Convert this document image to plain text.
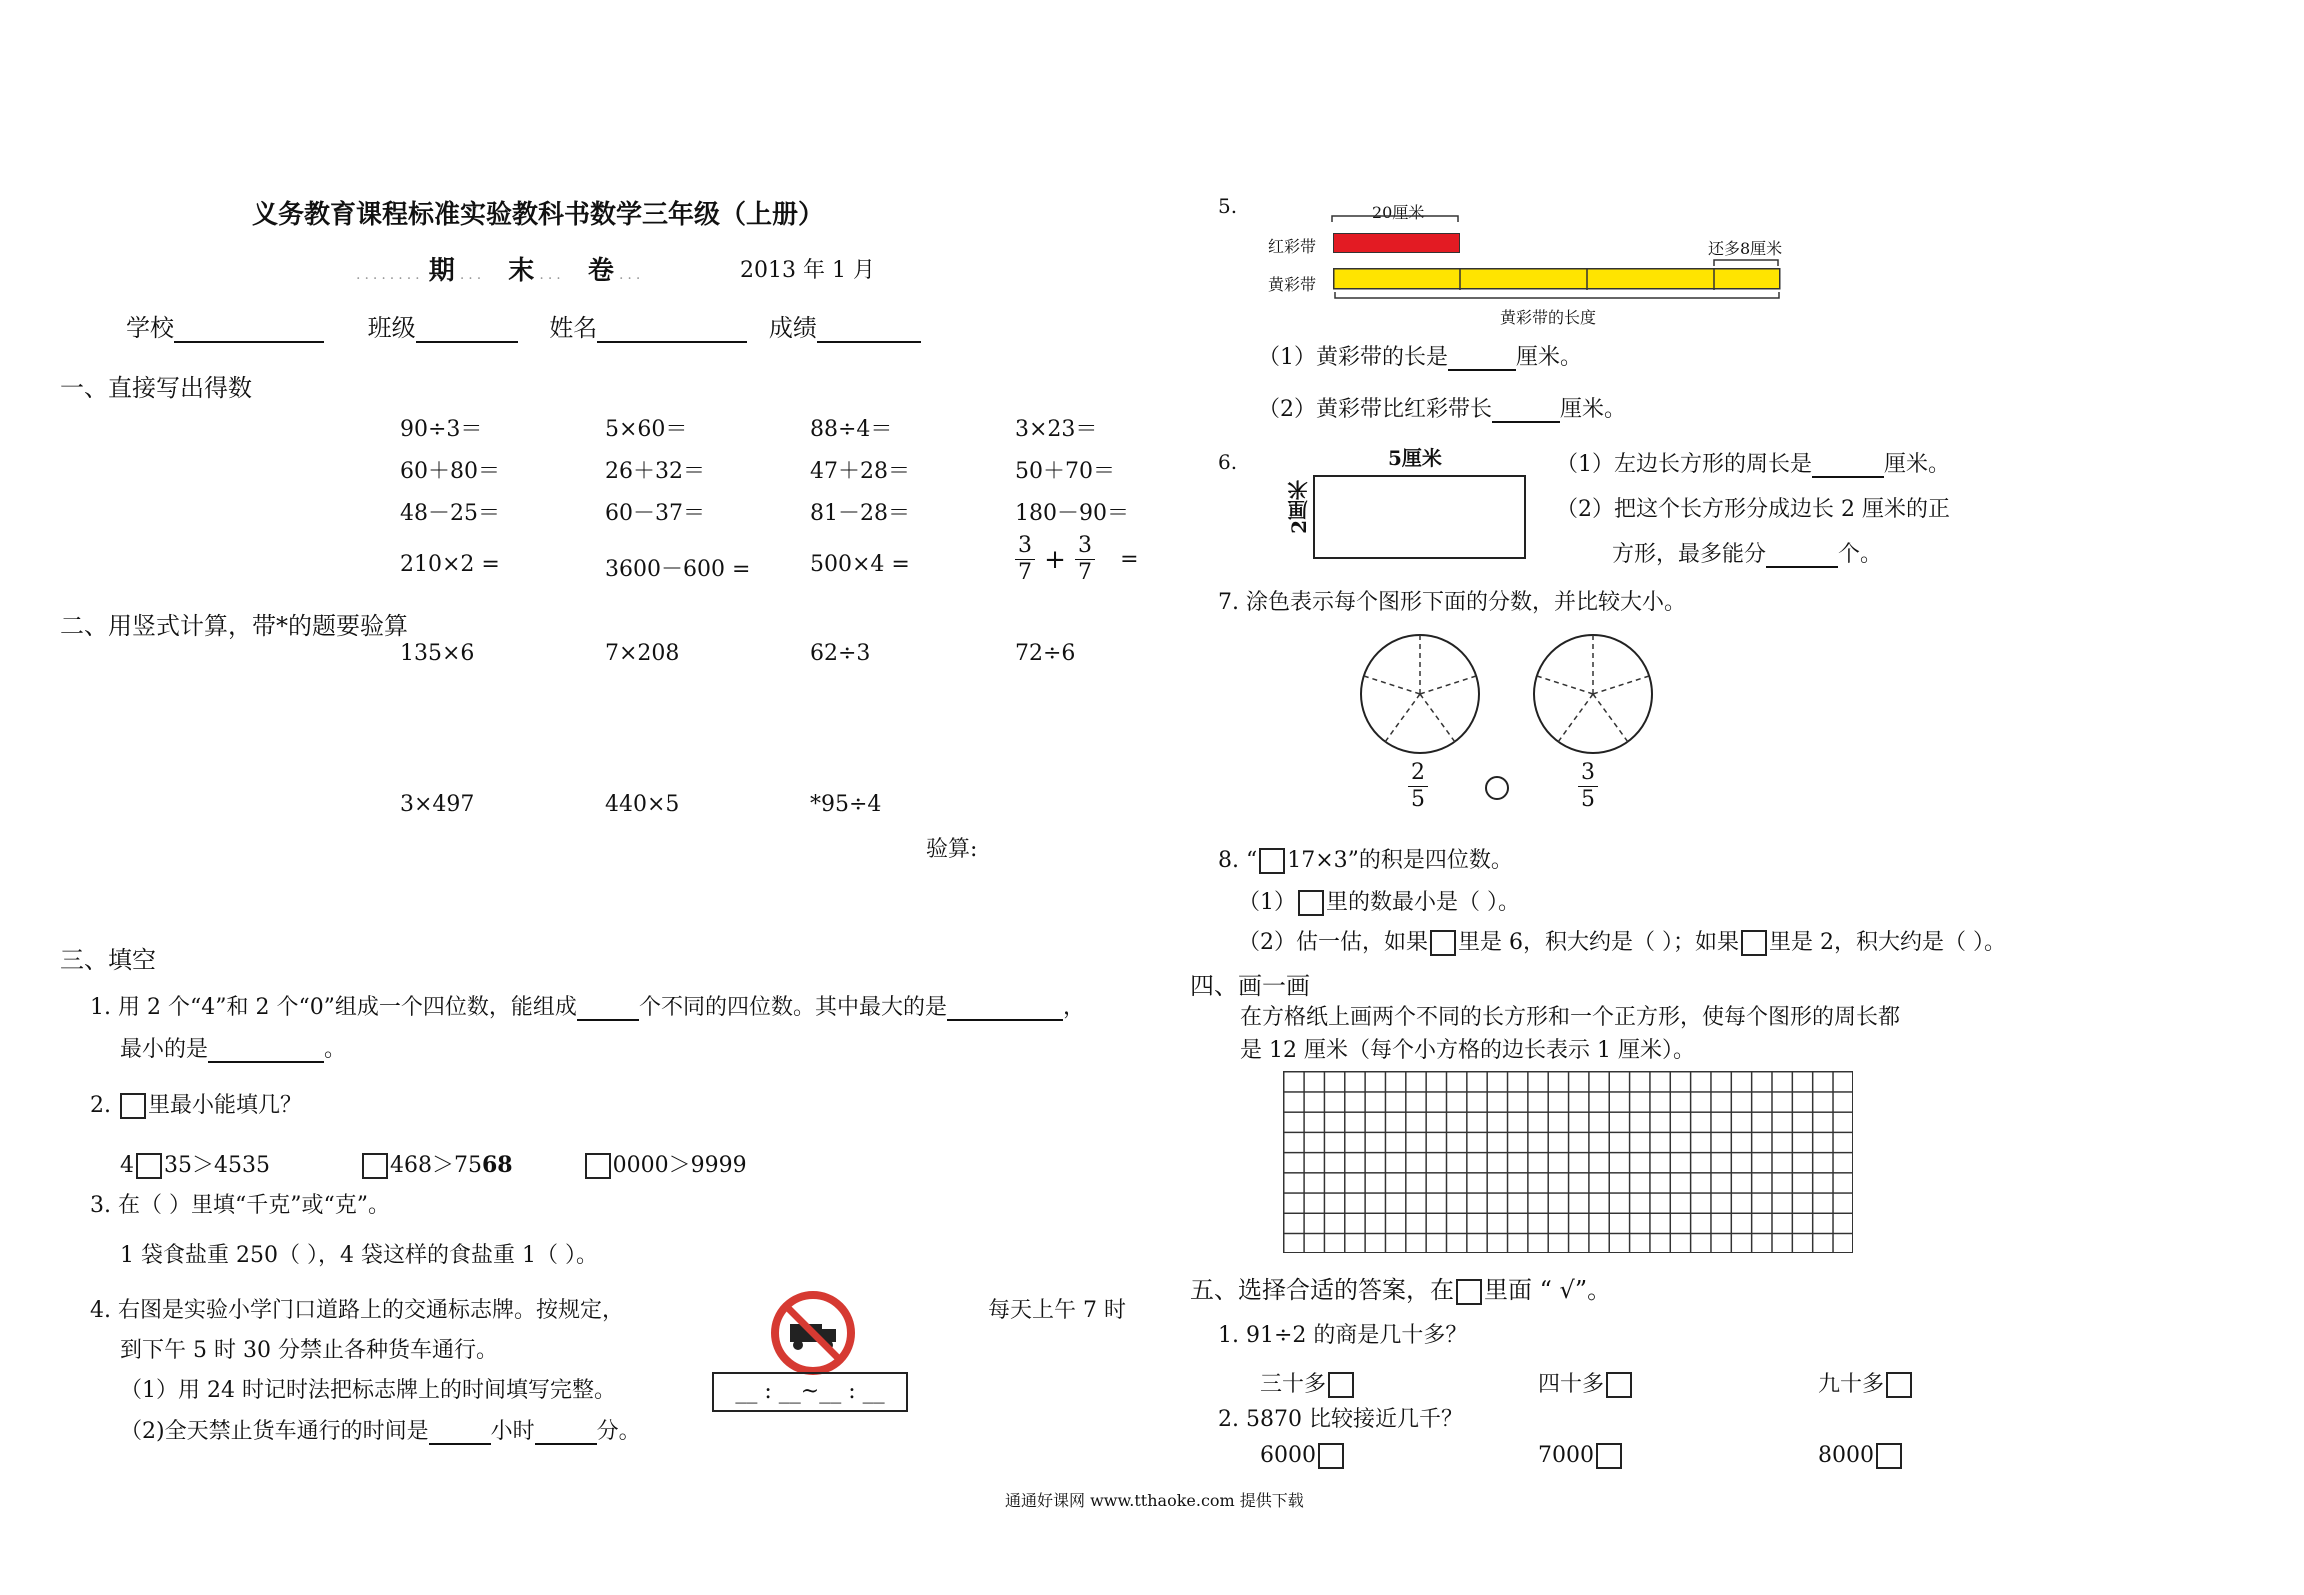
义务教育课程标准实验教科书数学三年级（上册）
........ 期 ... 末 ... 卷 ...	2013 年 1 月
学校	班级	姓名	成绩
一、直接写出得数
90÷3＝	5×60＝	88÷4＝	3×23＝
60＋80＝	26＋32＝	47＋28＝	50＋70＝
48－25＝	60－37＝	81－28＝	180－90＝
210×2 =	3600－600 =	500×4 =	$\frac{3}{7} + \frac{3}{7}$ =
二、用竖式计算，带*的题要验算
135×6	7×208	62÷3	72÷6
3×497	440×5	*95÷4
验算:
三、填空
1. 用 2 个“4”和 2 个“0”组成一个四位数，能组成	个不同的四位数。其中最大的是	，
最小的是	。
2. 里最小能填几？
4 35＞4535	468＞7568	0000＞9999
3. 在（ ）里填“千克”或“克”。
1 袋食盐重 250（ ），4 袋这样的食盐重 1（ ）。
4. 右图是实验小学门口道路上的交通标志牌。按规定，	每天上午 7 时
到下午 5 时 30 分禁止各种货车通行。
（1）用 24 时记时法把标志牌上的时间填写完整。
（2)全天禁止货车通行的时间是	小时	分。
__ : __~__ : __
5.	20厘米
红彩带	还多8厘米
黄彩带
黄彩带的长度
（1）黄彩带的长是	厘米。
（2）黄彩带比红彩带长	厘米。
6.	5厘米
2厘米
（1）左边长方形的周长是	厘米。
（2）把这个长方形分成边长 2 厘米的正
方形，最多能分	个。
7. 涂色表示每个图形下面的分数，并比较大小。
$\frac{2}{5}$	$\frac{3}{5}$
8. “ 17×3”的积是四位数。
（1） 里的数最小是（ ）。
（2）估一估，如果 里是 6，积大约是（ ）；如果 里是 2，积大约是（ ）。
四、画一画
在方格纸上画两个不同的长方形和一个正方形，使每个图形的周长都
是 12 厘米（每个小方格的边长表示 1 厘米）。
五、选择合适的答案，在 里面 “ √”。
1. 91÷2 的商是几十多？
三十多	四十多	九十多
2. 5870 比较接近几千？
6000	7000	8000
通通好课网 www.tthaoke.com 提供下载
